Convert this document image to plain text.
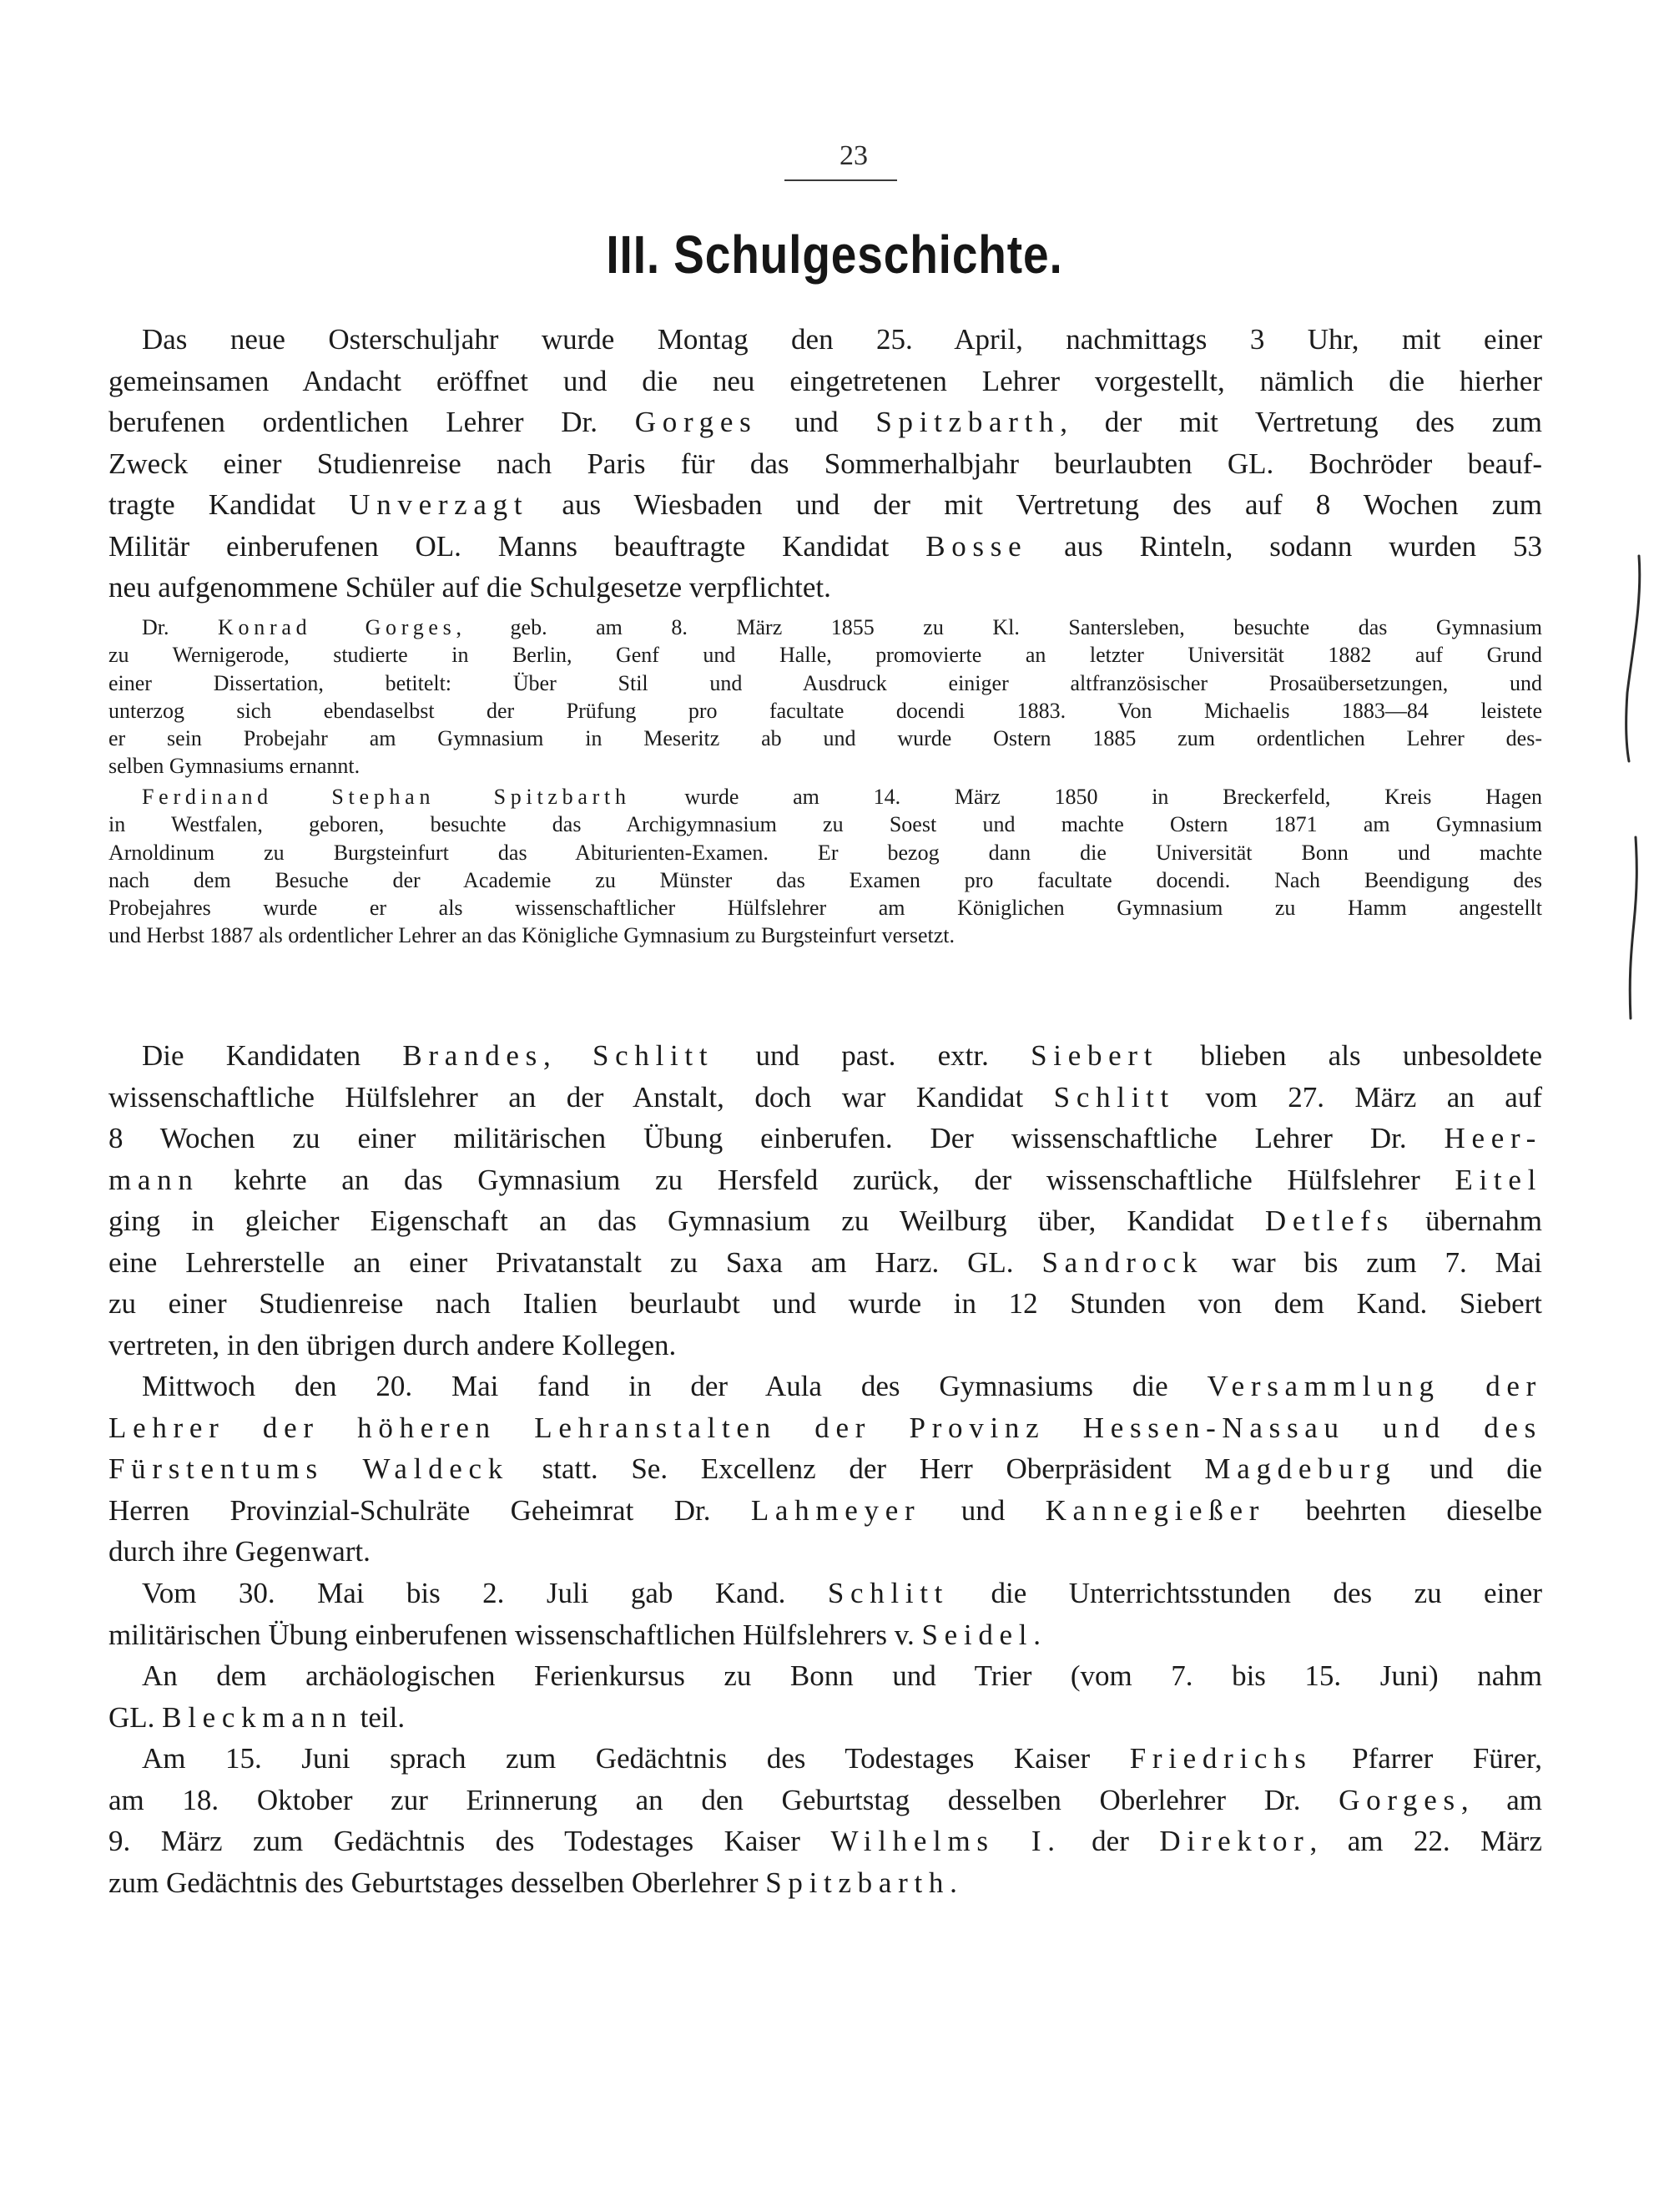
23
III. Schulgeschichte.
Das neue Osterschuljahr wurde Montag den 25. April, nachmittags 3 Uhr, mit einer
gemeinsamen Andacht eröffnet und die neu eingetretenen Lehrer vorgestellt, nämlich die hierher
berufenen ordentlichen Lehrer Dr. Gorges und Spitzbarth, der mit Vertretung des zum
Zweck einer Studienreise nach Paris für das Sommerhalbjahr beurlaubten GL. Bochröder beauf-
tragte Kandidat Unverzagt aus Wiesbaden und der mit Vertretung des auf 8 Wochen zum
Militär einberufenen OL. Manns beauftragte Kandidat Bosse aus Rinteln, sodann wurden 53
neu aufgenommene Schüler auf die Schulgesetze verpflichtet.
Dr. Konrad Gorges, geb. am 8. März 1855 zu Kl. Santersleben, besuchte das Gymnasium
zu Wernigerode, studierte in Berlin, Genf und Halle, promovierte an letzter Universität 1882 auf Grund
einer Dissertation, betitelt: Über Stil und Ausdruck einiger altfranzösischer Prosaübersetzungen, und
unterzog sich ebendaselbst der Prüfung pro facultate docendi 1883. Von Michaelis 1883—84 leistete
er sein Probejahr am Gymnasium in Meseritz ab und wurde Ostern 1885 zum ordentlichen Lehrer des-
selben Gymnasiums ernannt.
Ferdinand Stephan Spitzbarth wurde am 14. März 1850 in Breckerfeld, Kreis Hagen
in Westfalen, geboren, besuchte das Archigymnasium zu Soest und machte Ostern 1871 am Gymnasium
Arnoldinum zu Burgsteinfurt das Abiturienten-Examen. Er bezog dann die Universität Bonn und machte
nach dem Besuche der Academie zu Münster das Examen pro facultate docendi. Nach Beendigung des
Probejahres wurde er als wissenschaftlicher Hülfslehrer am Königlichen Gymnasium zu Hamm angestellt
und Herbst 1887 als ordentlicher Lehrer an das Königliche Gymnasium zu Burgsteinfurt versetzt.
Die Kandidaten Brandes, Schlitt und past. extr. Siebert blieben als unbesoldete
wissenschaftliche Hülfslehrer an der Anstalt, doch war Kandidat Schlitt vom 27. März an auf
8 Wochen zu einer militärischen Übung einberufen. Der wissenschaftliche Lehrer Dr. Heer-
mann kehrte an das Gymnasium zu Hersfeld zurück, der wissenschaftliche Hülfslehrer Eitel
ging in gleicher Eigenschaft an das Gymnasium zu Weilburg über, Kandidat Detlefs übernahm
eine Lehrerstelle an einer Privatanstalt zu Saxa am Harz. GL. Sandrock war bis zum 7. Mai
zu einer Studienreise nach Italien beurlaubt und wurde in 12 Stunden von dem Kand. Siebert
vertreten, in den übrigen durch andere Kollegen.
Mittwoch den 20. Mai fand in der Aula des Gymnasiums die Versammlung der
Lehrer der höheren Lehranstalten der Provinz Hessen-Nassau und des
Fürstentums Waldeck statt. Se. Excellenz der Herr Oberpräsident Magdeburg und die
Herren Provinzial-Schulräte Geheimrat Dr. Lahmeyer und Kannegießer beehrten dieselbe
durch ihre Gegenwart.
Vom 30. Mai bis 2. Juli gab Kand. Schlitt die Unterrichtsstunden des zu einer
militärischen Übung einberufenen wissenschaftlichen Hülfslehrers v. Seidel.
An dem archäologischen Ferienkursus zu Bonn und Trier (vom 7. bis 15. Juni) nahm
GL. Bleckmann teil.
Am 15. Juni sprach zum Gedächtnis des Todestages Kaiser Friedrichs Pfarrer Fürer,
am 18. Oktober zur Erinnerung an den Geburtstag desselben Oberlehrer Dr. Gorges, am
9. März zum Gedächtnis des Todestages Kaiser Wilhelms I. der Direktor, am 22. März
zum Gedächtnis des Geburtstages desselben Oberlehrer Spitzbarth.
